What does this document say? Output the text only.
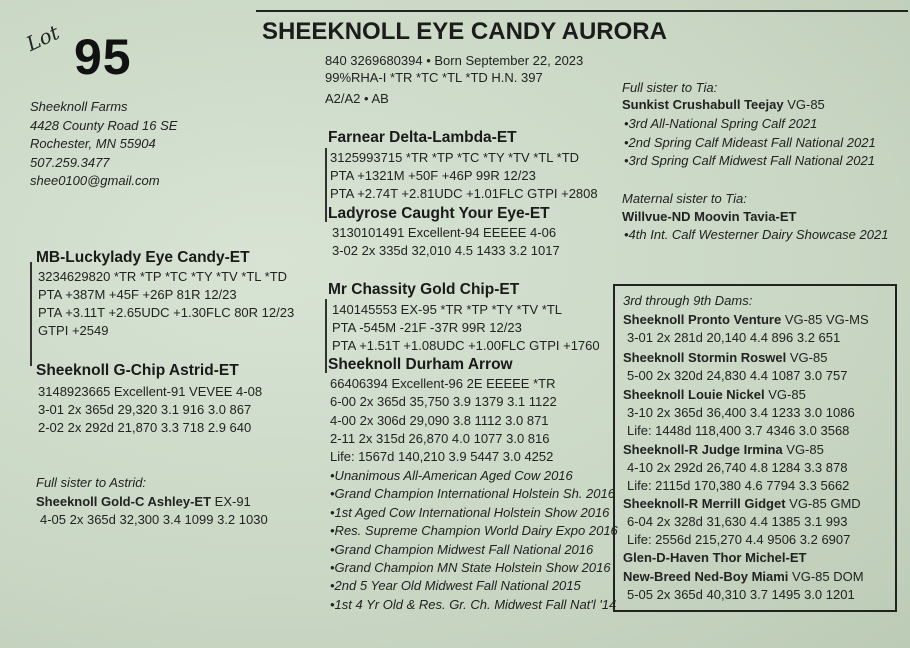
Lot 95	SHEEKNOLL EYE CANDY AURORA
840 3269680394 • Born September 22, 2023
99%RHA-I *TR *TC *TL *TD H.N. 397
A2/A2 • AB
Sheeknoll Farms
4428 County Road 16 SE
Rochester, MN 55904
507.259.3477
shee0100@gmail.com
Farnear Delta-Lambda-ET
3125993715 *TR *TP *TC *TY *TV *TL *TD
PTA +1321M +50F +46P 99R 12/23
PTA +2.74T +2.81UDC +1.01FLC GTPI +2808
Ladyrose Caught Your Eye-ET
3130101491 Excellent-94 EEEEE 4-06
3-02 2x 335d 32,010 4.5 1433 3.2 1017
MB-Luckylady Eye Candy-ET
3234629820 *TR *TP *TC *TY *TV *TL *TD
PTA +387M +45F +26P 81R 12/23
PTA +3.11T +2.65UDC +1.30FLC 80R 12/23
GTPI +2549
Sheeknoll G-Chip Astrid-ET
3148923665 Excellent-91 VEVEE 4-08
3-01 2x 365d 29,320 3.1 916 3.0 867
2-02 2x 292d 21,870 3.3 718 2.9 640
Full sister to Astrid:
Sheeknoll Gold-C Ashley-ET EX-91
4-05 2x 365d 32,300 3.4 1099 3.2 1030
Mr Chassity Gold Chip-ET
140145553 EX-95 *TR *TP *TY *TV *TL
PTA -545M -21F -37R 99R 12/23
PTA +1.51T +1.08UDC +1.00FLC GTPI +1760
Sheeknoll Durham Arrow
66406394 Excellent-96 2E EEEEE *TR
6-00 2x 365d 35,750 3.9 1379 3.1 1122
4-00 2x 306d 29,090 3.8 1112 3.0 871
2-11 2x 315d 26,870 4.0 1077 3.0 816
Life: 1567d 140,210 3.9 5447 3.0 4252
•Unanimous All-American Aged Cow 2016
•Grand Champion International Holstein Sh. 2016
•1st Aged Cow International Holstein Show 2016
•Res. Supreme Champion World Dairy Expo 2016
•Grand Champion Midwest Fall National 2016
•Grand Champion MN State Holstein Show 2016
•2nd 5 Year Old Midwest Fall National 2015
•1st 4 Yr Old & Res. Gr. Ch. Midwest Fall Nat'l '14
Full sister to Tia:
Sunkist Crushabull Teejay VG-85
•3rd All-National Spring Calf 2021
•2nd Spring Calf Mideast Fall National 2021
•3rd Spring Calf Midwest Fall National 2021
Maternal sister to Tia:
Willvue-ND Moovin Tavia-ET
•4th Int. Calf Westerner Dairy Showcase 2021
3rd through 9th Dams:
Sheeknoll Pronto Venture VG-85 VG-MS
3-01 2x 281d 20,140 4.4 896 3.2 651
Sheeknoll Stormin Roswel VG-85
5-00 2x 320d 24,830 4.4 1087 3.0 757
Sheeknoll Louie Nickel VG-85
3-10 2x 365d 36,400 3.4 1233 3.0 1086
Life: 1448d 118,400 3.7 4346 3.0 3568
Sheeknoll-R Judge Irmina VG-85
4-10 2x 292d 26,740 4.8 1284 3.3 878
Life: 2115d 170,380 4.6 7794 3.3 5662
Sheeknoll-R Merrill Gidget VG-85 GMD
6-04 2x 328d 31,630 4.4 1385 3.1 993
Life: 2556d 215,270 4.4 9506 3.2 6907
Glen-D-Haven Thor Michel-ET
New-Breed Ned-Boy Miami VG-85 DOM
5-05 2x 365d 40,310 3.7 1495 3.0 1201
